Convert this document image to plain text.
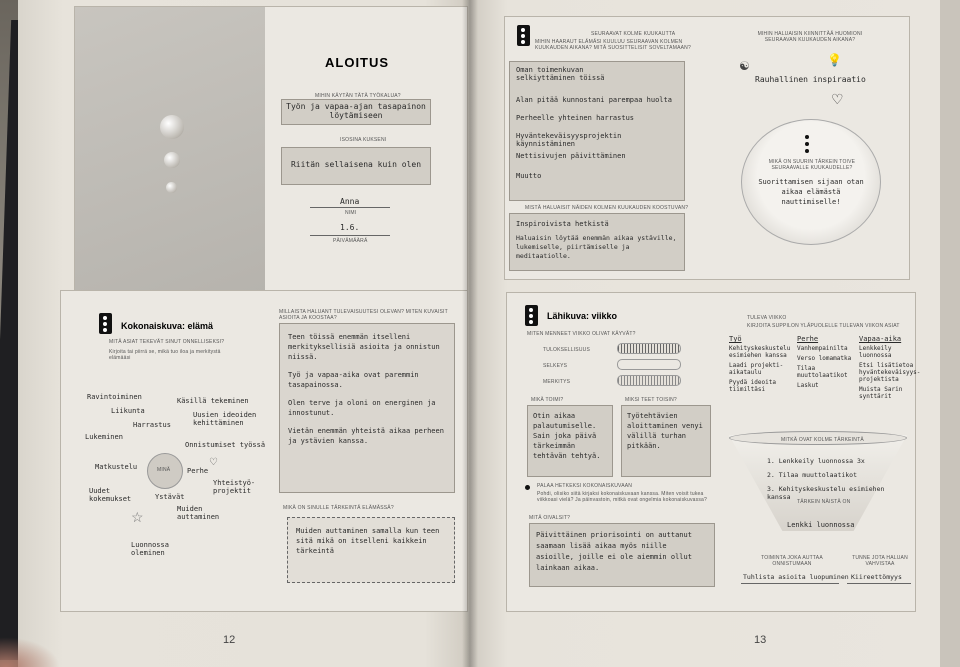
ALOITUS
MIHIN KÄYTÄN TÄTÄ TYÖKALUA?
Työn ja vapaa-ajan tasapainon löytämiseen
ISOSINA KUKSENI
Riitän sellaisena kuin olen
Anna
NIMI
1.6.
PÄIVÄMÄÄRÄ
Kokonaiskuva: elämä
MITÄ ASIAT TEKEVÄT SINUT ONNELLISEKSI?
Kirjoita tai piirrä se, mikä tuo iloa ja merkitystä elämääsi
MINÄ
Ravintoiminen	Käsillä tekeminen
Liikunta	Uusien ideoiden kehittäminen
Harrastus
Lukeminen
Onnistumiset työssä
Matkustelu	Perhe
Yhteistyö-projektit
Uudet kokemukset	Ystävät
Muiden auttaminen
Luonnossa oleminen
☆
♡
MILLAISTA HALUANT TULEVAISUUTESI OLEVAN? MITEN KUVAISIT ASIOITA JA KOOSTAA?
Teen töissä enemmän itselleni merkityksellisiä asioita ja onnistun niissä.
Työ ja vapaa-aika ovat paremmin tasapainossa.
Olen terve ja oloni on energinen ja innostunut.
Vietän enemmän yhteistä aikaa perheen ja ystävien kanssa.
MIKÄ ON SINULLE TÄRKEINTÄ ELÄMÄSSÄ?
Muiden auttaminen samalla kun teen sitä mikä on itselleni kaikkein tärkeintä
12
SEURAAVAT KOLME KUUKAUTTA
MIHIN HAARAUT ELÄMÄSI KUULUU SEURAAVAN KOLMEN KUUKAUDEN AIKANA? MITÄ SUOSITTELISIT SOVELTAMAAN?
Oman toimenkuvan selkiyttäminen töissä
Alan pitää kunnostani parempaa huolta
Perheelle yhteinen harrastus
Hyväntekeväisyysprojektin käynnistäminen
Nettisivujen päivittäminen
Muutto
MISTÄ HALUAISIT NÄIDEN KOLMEN KUUKAUDEN KOOSTUVAN?
Inspiroivista hetkistä
Haluaisin löytää enemmän aikaa ystäville, lukemiselle, piirtämiselle ja meditaatiolle.
MIHIN HALUAISIN KIINNITTÄÄ HUOMIONI SEURAAVAN KUUKAUDEN AIKANA?
Rauhallinen inspiraatio
♡
☯	💡
MIKÄ ON SUURIN TÄRKEIN TOIVE SEURAAVALLE KUUKAUDELLE?
Suorittamisen sijaan otan aikaa elämästä nauttimiselle!
Lähikuva: viikko
MITEN MENNEET VIIKKO OLIVAT KÄYVÄT?
TULOKSELLISUUS
SELKEYS
MERKITYS
MIKÄ TOIMI?	MIKSI TEET TOISIN?
Otin aikaa palautumiselle. Sain joka päivä tärkeimmän tehtävän tehtyä.
Työtehtävien aloittaminen venyi välillä turhan pitkään.
PALAA HETKEKSI KOKONAISKUVAAN
Pohdi, olisiko siitä kirjaksi kokonaiskuvaan kanssa. Miten voisit tukea viikkoasi vielä? Ja päinvastoin, mitkä ovat ongelmia kokonaiskuvassa?
MITÄ OIVALSIT?
Päivittäinen priorisointi on auttanut saamaan lisää aikaa myös niille asioille, joille ei ole aiemmin ollut lainkaan aikaa.
TULEVA VIIKKO
KIRJOITA SUPPILON YLÄPUOLELLE TULEVAN VIIKON ASIAT
Työ
Kehityskeskustelu esimiehen kanssa
Laadi projekti-aikataulu
Pyydä ideoita tiimiltäsi
Perhe
Vanhempainilta
Verso lomamatka
Tilaa muuttolaatikot
Laskut
Vapaa-aika
Lenkkeily luonnossa
Etsi lisätietoa hyväntekeväisyys-projektista
Muista Sarin synttärit
MITKÄ OVAT KOLME TÄRKEINTÄ
1. Lenkkeily luonnossa 3x
2. Tilaa muuttolaatikot
3. Kehityskeskustelu esimiehen kanssa
TÄRKEIN NÄISTÄ ON
Lenkki luonnossa
TOIMINTA JOKA AUTTAA ONNISTUMAAN
Tuhlista asioita luopuminen
TUNNE JOTA HALUAN VAHVISTAA
Kiireettömyys
13
